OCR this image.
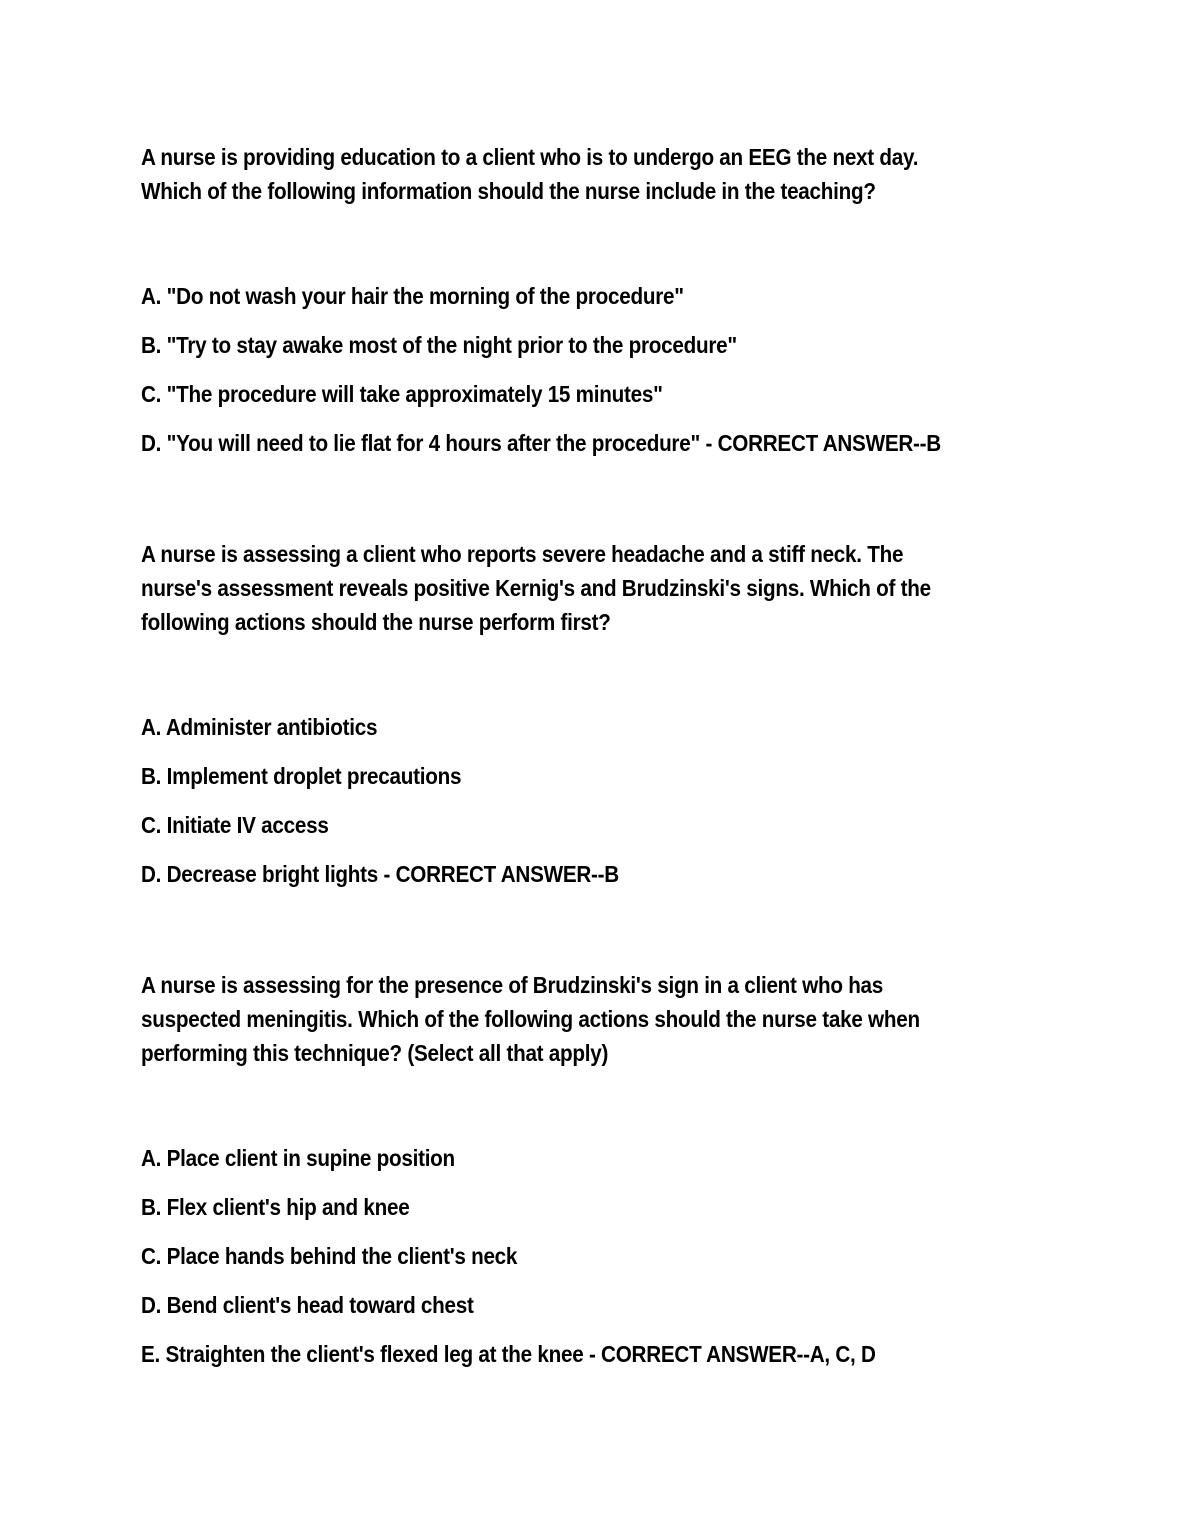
A nurse is providing education to a client who is to undergo an EEG the next day.

Which of the following information should the nurse include in the teaching?

A. "Do not wash your hair the morning of the procedure"

B. "Try to stay awake most of the night prior to the procedure"

C. "The procedure will take approximately 15 minutes"

D. "You will need to lie flat for 4 hours after the procedure" - CORRECT ANSWER--B

A nurse is assessing a client who reports severe headache and a stiff neck. The

nurse's assessment reveals positive Kernig's and Brudzinski's signs. Which of the

following actions should the nurse perform first?

A. Administer antibiotics

B. Implement droplet precautions

C. Initiate IV access

D. Decrease bright lights - CORRECT ANSWER--B

A nurse is assessing for the presence of Brudzinski's sign in a client who has

suspected meningitis. Which of the following actions should the nurse take when

performing this technique? (Select all that apply)

A. Place client in supine position

B. Flex client's hip and knee

C. Place hands behind the client's neck

D. Bend client's head toward chest

E. Straighten the client's flexed leg at the knee - CORRECT ANSWER--A, C, D
